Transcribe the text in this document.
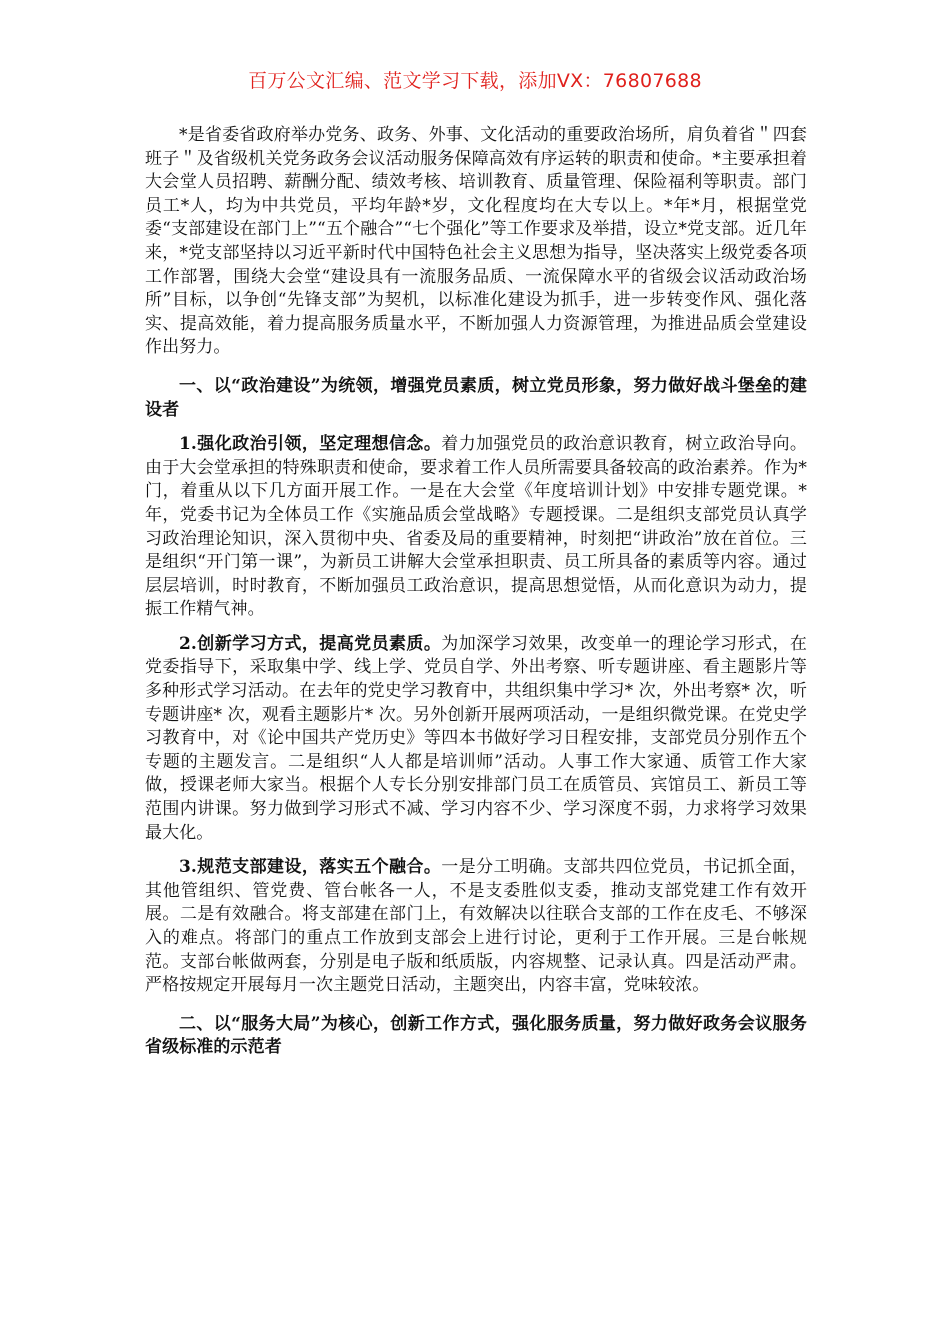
百万公文汇编、范文学习下载，添加VX：76807688

*是省委省政府举办党务、政务、外事、文化活动的重要政治场所，肩负着省＂四套班子＂及省级机关党务政务会议活动服务保障高效有序运转的职责和使命。*主要承担着大会堂人员招聘、薪酬分配、绩效考核、培训教育、质量管理、保险福利等职责。部门员工*人，均为中共党员，平均年龄*岁，文化程度均在大专以上。*年*月，根据堂党委“支部建设在部门上”“五个融合”“七个强化”等工作要求及举措，设立*党支部。近几年来，*党支部坚持以习近平新时代中国特色社会主义思想为指导，坚决落实上级党委各项工作部署，围绕大会堂“建设具有一流服务品质、一流保障水平的省级会议活动政治场所”目标，以争创“先锋支部”为契机，以标准化建设为抓手，进一步转变作风、强化落实、提高效能，着力提高服务质量水平，不断加强人力资源管理，为推进品质会堂建设作出努力。

一、以“政治建设”为统领，增强党员素质，树立党员形象，努力做好战斗堡垒的建设者

1.强化政治引领，坚定理想信念。着力加强党员的政治意识教育，树立政治导向。由于大会堂承担的特殊职责和使命，要求着工作人员所需要具备较高的政治素养。作为*门，着重从以下几方面开展工作。一是在大会堂《年度培训计划》中安排专题党课。*年，党委书记为全体员工作《实施品质会堂战略》专题授课。二是组织支部党员认真学习政治理论知识，深入贯彻中央、省委及局的重要精神，时刻把“讲政治”放在首位。三是组织“开门第一课”，为新员工讲解大会堂承担职责、员工所具备的素质等内容。通过层层培训，时时教育，不断加强员工政治意识，提高思想觉悟，从而化意识为动力，提振工作精气神。

2.创新学习方式，提高党员素质。为加深学习效果，改变单一的理论学习形式，在党委指导下，采取集中学、线上学、党员自学、外出考察、听专题讲座、看主题影片等多种形式学习活动。在去年的党史学习教育中，共组织集中学习* 次，外出考察* 次，听专题讲座* 次，观看主题影片* 次。另外创新开展两项活动，一是组织微党课。在党史学习教育中，对《论中国共产党历史》等四本书做好学习日程安排，支部党员分别作五个专题的主题发言。二是组织“人人都是培训师”活动。人事工作大家通、质管工作大家做，授课老师大家当。根据个人专长分别安排部门员工在质管员、宾馆员工、新员工等范围内讲课。努力做到学习形式不减、学习内容不少、学习深度不弱，力求将学习效果最大化。

3.规范支部建设，落实五个融合。一是分工明确。支部共四位党员，书记抓全面，其他管组织、管党费、管台帐各一人，不是支委胜似支委，推动支部党建工作有效开展。二是有效融合。将支部建在部门上，有效解决以往联合支部的工作在皮毛、不够深入的难点。将部门的重点工作放到支部会上进行讨论，更利于工作开展。三是台帐规范。支部台帐做两套，分别是电子版和纸质版，内容规整、记录认真。四是活动严肃。严格按规定开展每月一次主题党日活动，主题突出，内容丰富，党味较浓。

二、以“服务大局”为核心，创新工作方式，强化服务质量，努力做好政务会议服务省级标准的示范者
